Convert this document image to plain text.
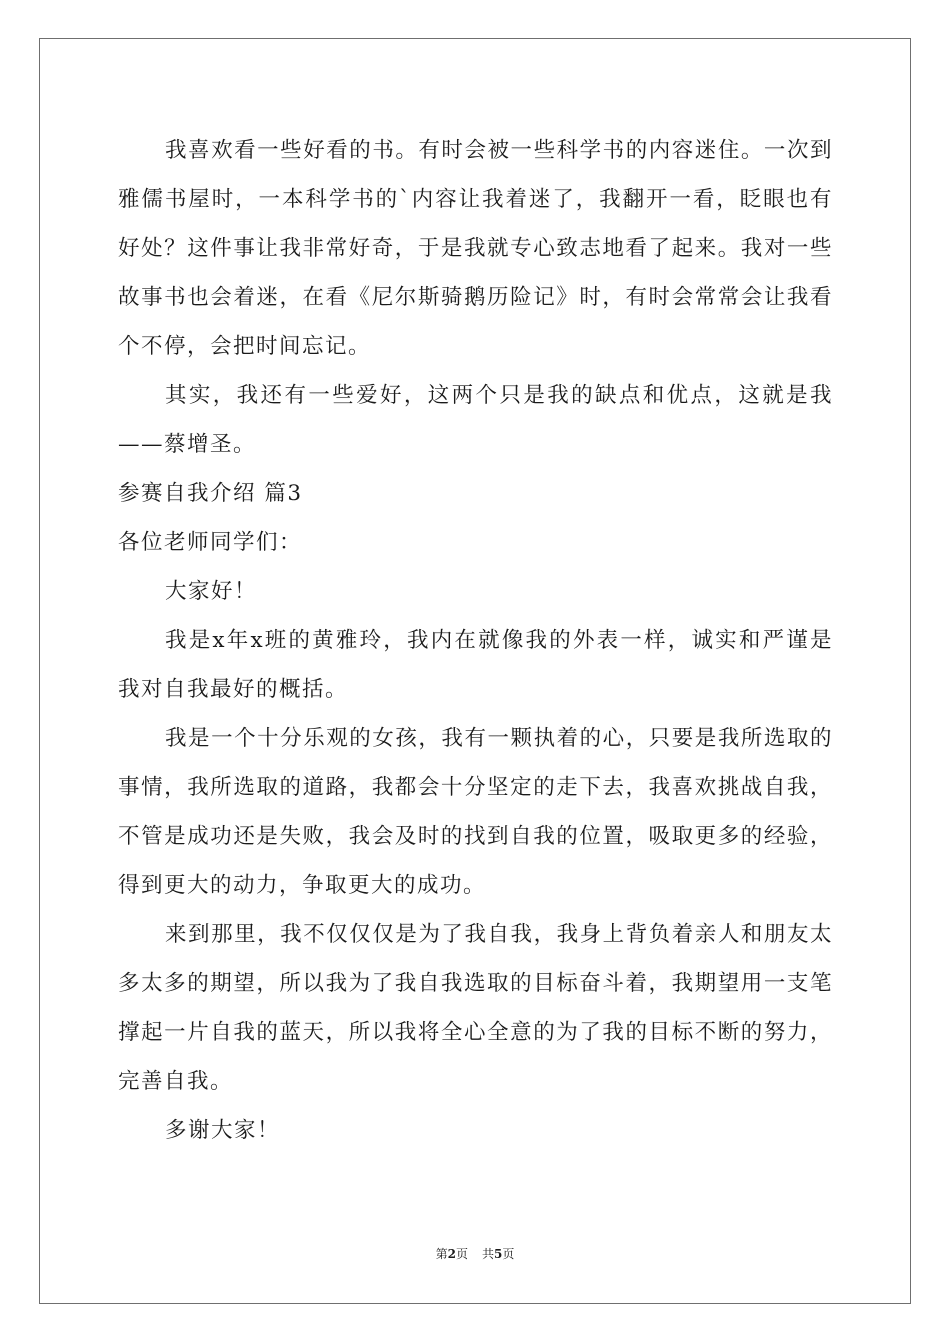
我喜欢看一些好看的书。有时会被一些科学书的内容迷住。一次到雅儒书屋时，一本科学书的`内容让我着迷了，我翻开一看，眨眼也有好处？这件事让我非常好奇，于是我就专心致志地看了起来。我对一些故事书也会着迷，在看《尼尔斯骑鹅历险记》时，有时会常常会让我看个不停，会把时间忘记。

其实，我还有一些爱好，这两个只是我的缺点和优点，这就是我——蔡增圣。

参赛自我介绍 篇3

各位老师同学们：

大家好！

我是x年x班的黄雅玲，我内在就像我的外表一样，诚实和严谨是我对自我最好的概括。

我是一个十分乐观的女孩，我有一颗执着的心，只要是我所选取的事情，我所选取的道路，我都会十分坚定的走下去，我喜欢挑战自我，不管是成功还是失败，我会及时的找到自我的位置，吸取更多的经验，得到更大的动力，争取更大的成功。

来到那里，我不仅仅仅是为了我自我，我身上背负着亲人和朋友太多太多的期望，所以我为了我自我选取的目标奋斗着，我期望用一支笔撑起一片自我的蓝天，所以我将全心全意的为了我的目标不断的努力，完善自我。

多谢大家！

第2页 共5页
